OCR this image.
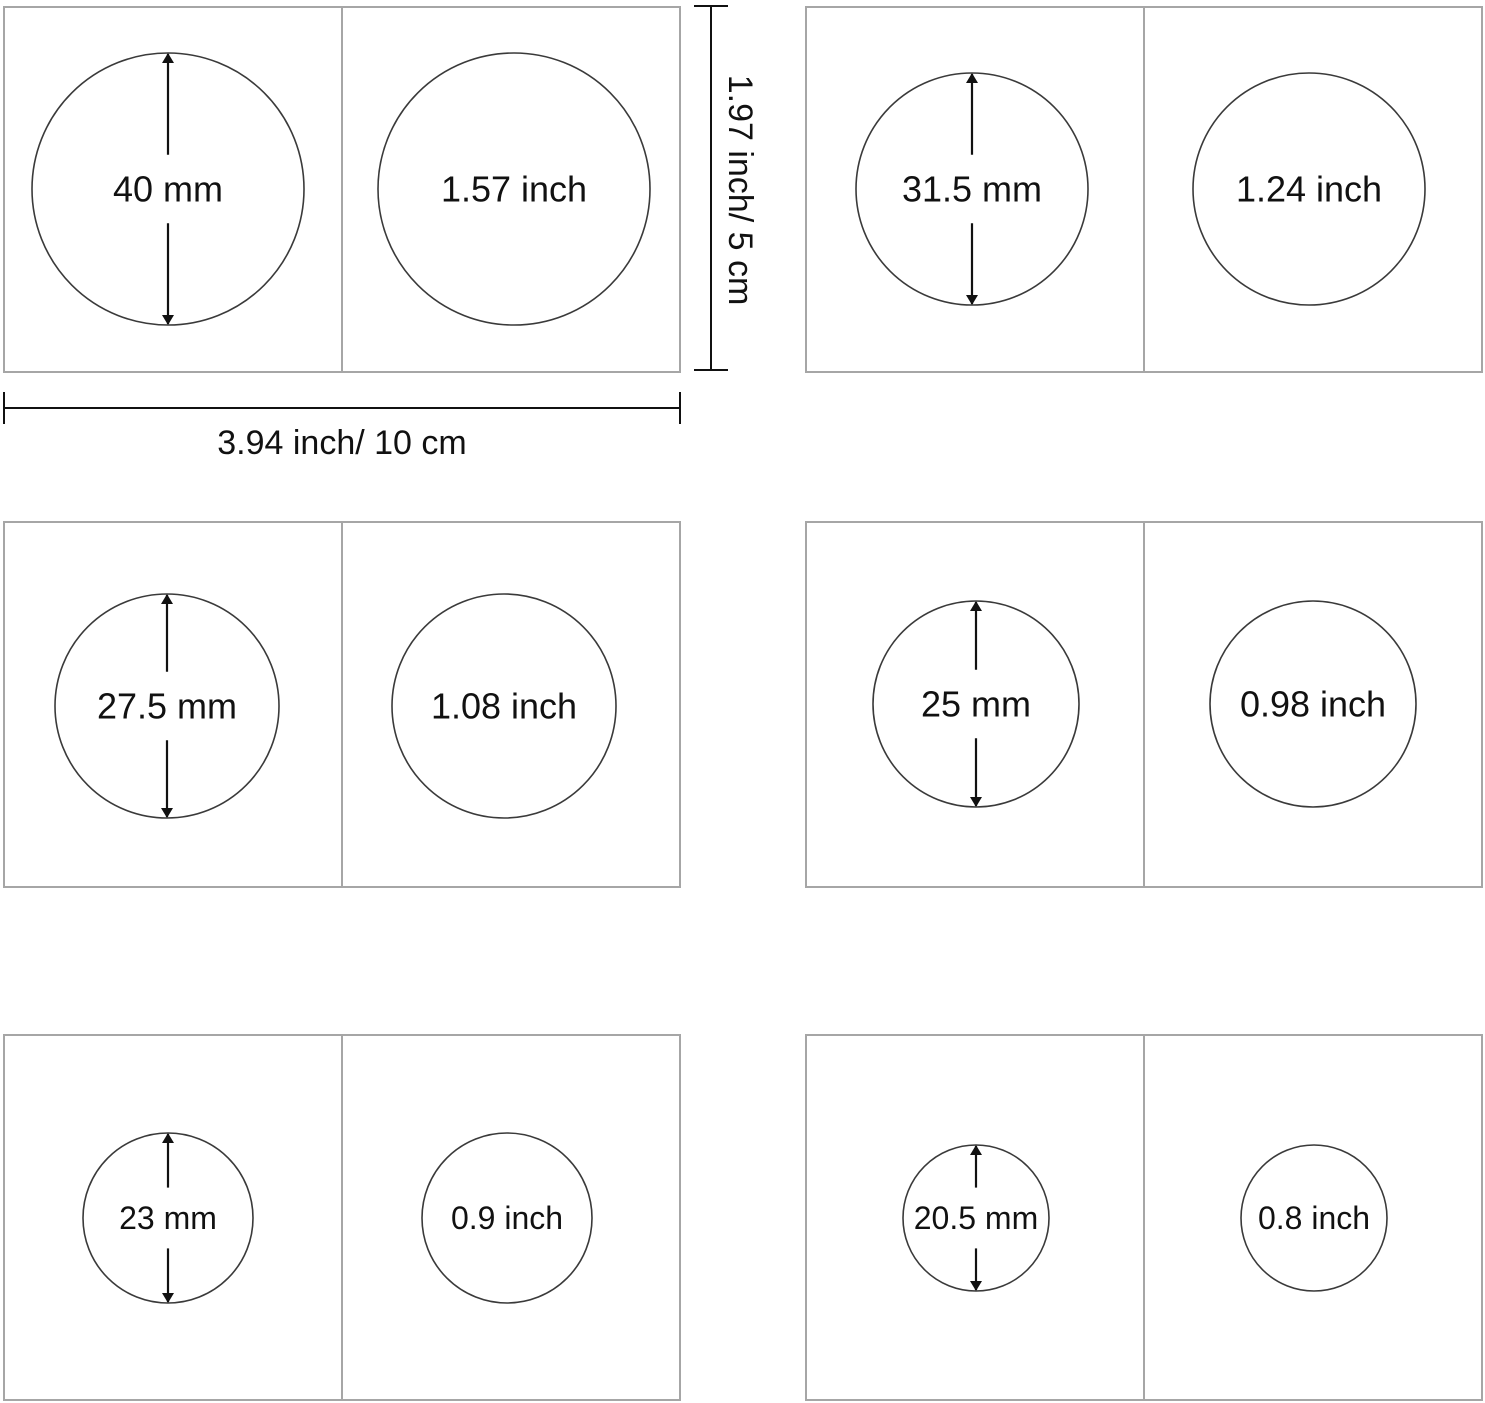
40 mm	1.57 inch	31.5 mm	1.24 inch
27.5 mm	1.08 inch	25 mm	0.98 inch
23 mm	0.9 inch	20.5 mm	0.8 inch
1.97 inch/ 5 cm
3.94 inch/ 10 cm
